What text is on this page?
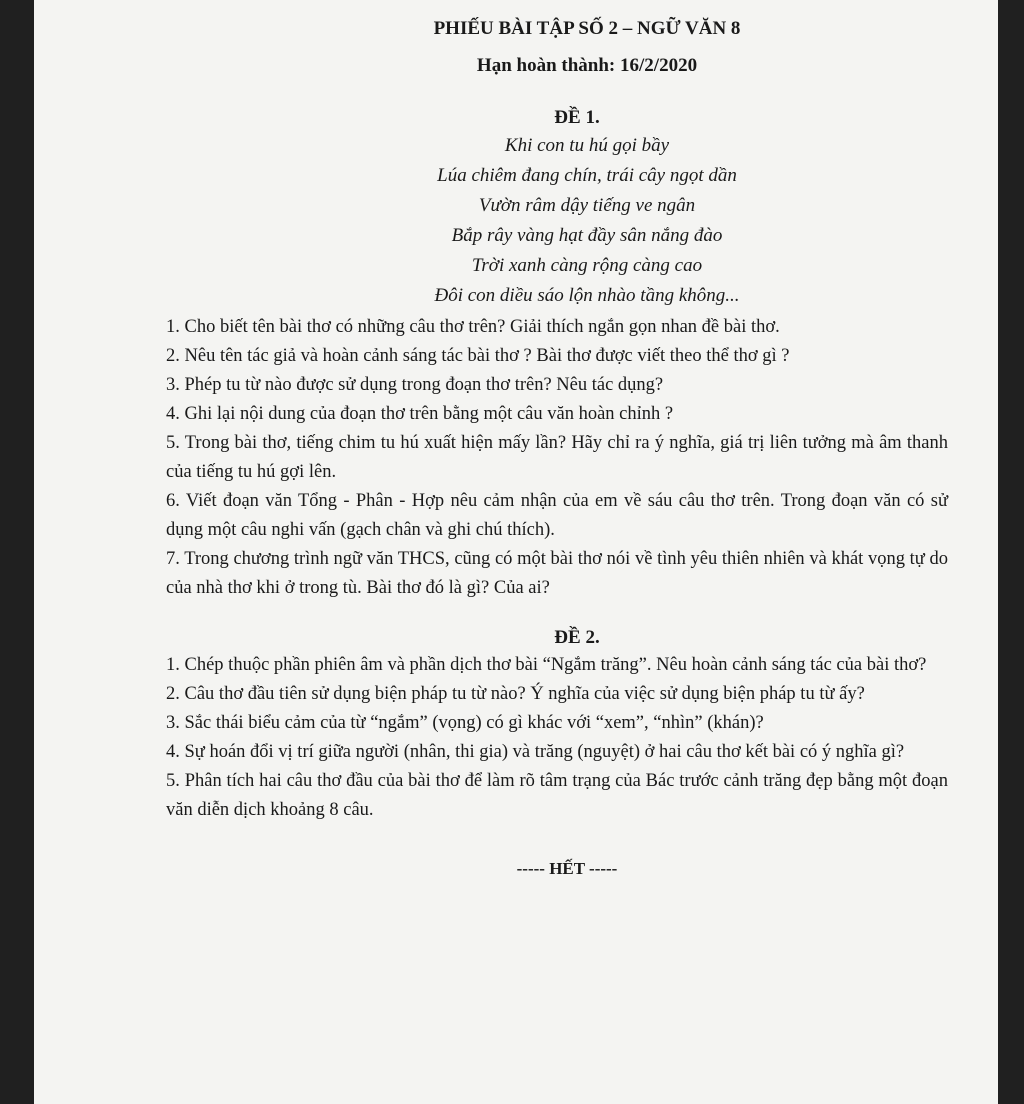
PHIẾU BÀI TẬP SỐ 2 – NGỮ VĂN 8
Hạn hoàn thành: 16/2/2020
ĐỀ 1.
Khi con tu hú gọi bầy
Lúa chiêm đang chín, trái cây ngọt dần
Vườn râm dậy tiếng ve ngân
Bắp rây vàng hạt đầy sân nắng đào
Trời xanh càng rộng càng cao
Đôi con diều sáo lộn nhào tầng không...
1. Cho biết tên bài thơ có những câu thơ trên? Giải thích ngắn gọn nhan đề bài thơ.
2. Nêu tên tác giả và hoàn cảnh sáng tác bài thơ ? Bài thơ được viết theo thể thơ gì ?
3. Phép tu từ nào được sử dụng trong đoạn thơ trên? Nêu tác dụng?
4. Ghi lại nội dung của đoạn thơ trên bằng một câu văn hoàn chỉnh ?
5. Trong bài thơ, tiếng chim tu hú xuất hiện mấy lần? Hãy chỉ ra ý nghĩa, giá trị liên tưởng mà âm thanh của tiếng tu hú gợi lên.
6. Viết đoạn văn Tổng - Phân - Hợp nêu cảm nhận của em về sáu câu thơ trên. Trong đoạn văn có sử dụng một câu nghi vấn (gạch chân và ghi chú thích).
7. Trong chương trình ngữ văn THCS, cũng có một bài thơ nói về tình yêu thiên nhiên và khát vọng tự do của nhà thơ khi ở trong tù. Bài thơ đó là gì? Của ai?
ĐỀ 2.
1. Chép thuộc phần phiên âm và phần dịch thơ bài “Ngắm trăng”. Nêu hoàn cảnh sáng tác của bài thơ?
2. Câu thơ đầu tiên sử dụng biện pháp tu từ nào? Ý nghĩa của việc sử dụng biện pháp tu từ ấy?
3. Sắc thái biểu cảm của từ “ngắm” (vọng) có gì khác với “xem”, “nhìn” (khán)?
4. Sự hoán đổi vị trí giữa người (nhân, thi gia) và trăng (nguyệt) ở hai câu thơ kết bài có ý nghĩa gì?
5. Phân tích hai câu thơ đầu của bài thơ để làm rõ tâm trạng của Bác trước cảnh trăng đẹp bằng một đoạn văn diễn dịch khoảng 8 câu.
----- HẾT -----
